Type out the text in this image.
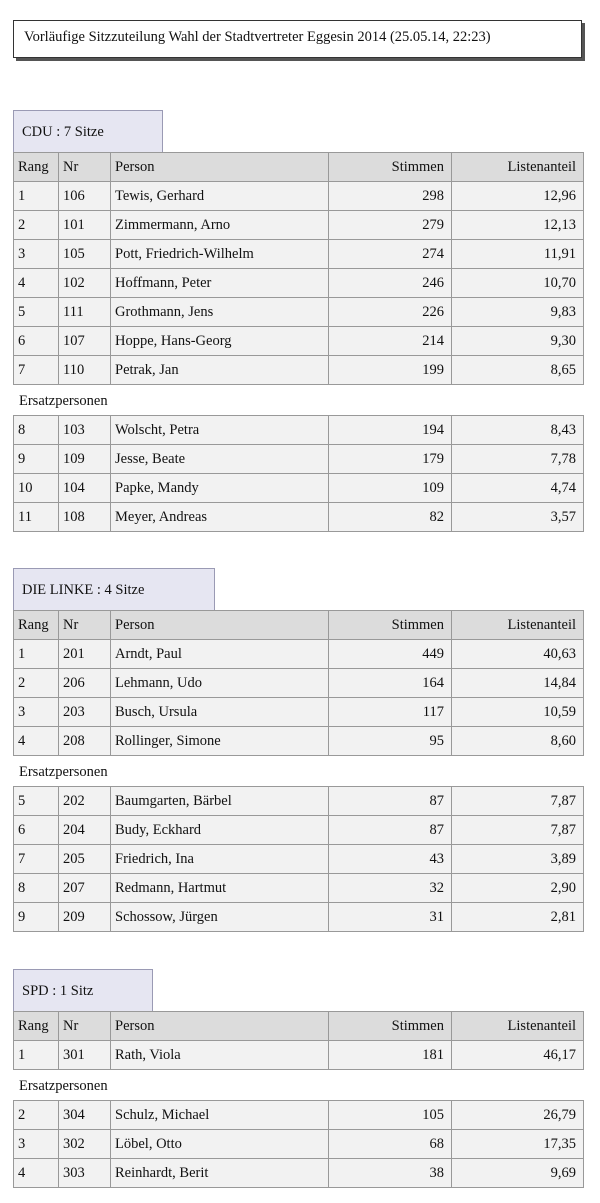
Vorläufige Sitzzuteilung Wahl der Stadtvertreter Eggesin 2014 (25.05.14, 22:23)
CDU : 7 Sitze
Rang	Nr	Person	Stimmen	Listenanteil
1	106	Tewis, Gerhard	298	12,96
2	101	Zimmermann, Arno	279	12,13
3	105	Pott, Friedrich-Wilhelm	274	11,91
4	102	Hoffmann, Peter	246	10,70
5	111	Grothmann, Jens	226	9,83
6	107	Hoppe, Hans-Georg	214	9,30
7	110	Petrak, Jan	199	8,65
Ersatzpersonen
8	103	Wolscht, Petra	194	8,43
9	109	Jesse, Beate	179	7,78
10	104	Papke, Mandy	109	4,74
11	108	Meyer, Andreas	82	3,57
DIE LINKE : 4 Sitze
Rang	Nr	Person	Stimmen	Listenanteil
1	201	Arndt, Paul	449	40,63
2	206	Lehmann, Udo	164	14,84
3	203	Busch, Ursula	117	10,59
4	208	Rollinger, Simone	95	8,60
Ersatzpersonen
5	202	Baumgarten, Bärbel	87	7,87
6	204	Budy, Eckhard	87	7,87
7	205	Friedrich, Ina	43	3,89
8	207	Redmann, Hartmut	32	2,90
9	209	Schossow, Jürgen	31	2,81
SPD : 1 Sitz
Rang	Nr	Person	Stimmen	Listenanteil
1	301	Rath, Viola	181	46,17
Ersatzpersonen
2	304	Schulz, Michael	105	26,79
3	302	Löbel, Otto	68	17,35
4	303	Reinhardt, Berit	38	9,69
